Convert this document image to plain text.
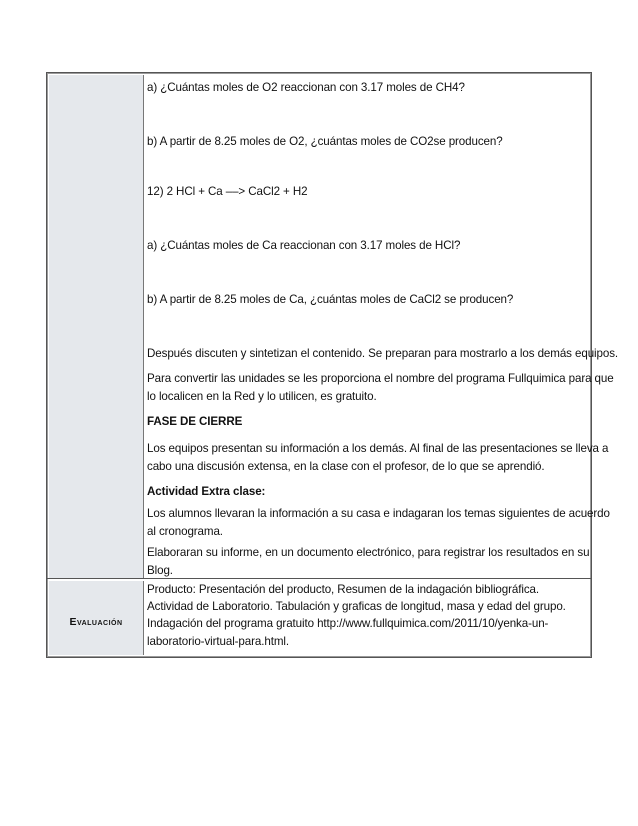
Evaluación
a) ¿Cuántas moles de O2 reaccionan con 3.17 moles de CH4?
b) A partir de 8.25 moles de O2, ¿cuántas moles de CO2se producen?
12) 2 HCl + Ca ––> CaCl2 + H2
a) ¿Cuántas moles de Ca reaccionan con 3.17 moles de HCl?
b) A partir de 8.25 moles de Ca, ¿cuántas moles de CaCl2 se producen?
Después discuten y sintetizan el contenido. Se preparan para mostrarlo a los demás equipos.
Para convertir las unidades se les proporciona el nombre del programa Fullquimica para que
lo localicen en la Red y lo utilicen, es gratuito.
FASE DE CIERRE
Los equipos presentan su información a los demás. Al final de las presentaciones se lleva a
cabo una discusión extensa, en la clase con el profesor, de lo que se aprendió.
Actividad Extra clase:
Los alumnos llevaran la información a su casa e indagaran los temas siguientes de acuerdo
al cronograma.
Elaboraran su informe, en un documento electrónico, para registrar los resultados en su
Blog.
Producto: Presentación del producto, Resumen de la indagación bibliográfica.
Actividad de Laboratorio. Tabulación y graficas de longitud, masa y edad del grupo.
Indagación del programa gratuito http://www.fullquimica.com/2011/10/yenka-un-
laboratorio-virtual-para.html.
